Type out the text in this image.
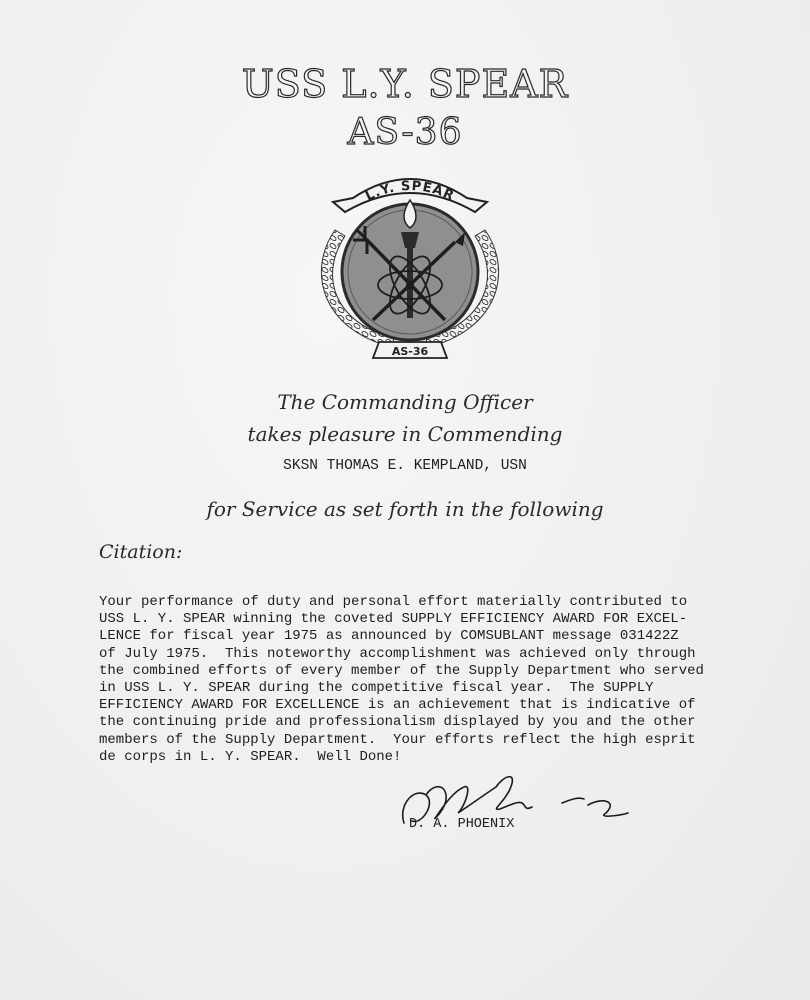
USS L.Y. SPEAR
AS-36
L.Y. SPEAR
AS-36
The Commanding Officer
takes pleasure in Commending
SKSN THOMAS E. KEMPLAND, USN
for Service as set forth in the following
Citation:
Your performance of duty and personal effort materially contributed to
USS L. Y. SPEAR winning the coveted SUPPLY EFFICIENCY AWARD FOR EXCEL-
LENCE for fiscal year 1975 as announced by COMSUBLANT message 031422Z
of July 1975.  This noteworthy accomplishment was achieved only through
the combined efforts of every member of the Supply Department who served
in USS L. Y. SPEAR during the competitive fiscal year.  The SUPPLY
EFFICIENCY AWARD FOR EXCELLENCE is an achievement that is indicative of
the continuing pride and professionalism displayed by you and the other
members of the Supply Department.  Your efforts reflect the high esprit
de corps in L. Y. SPEAR.  Well Done!
D. A. PHOENIX
